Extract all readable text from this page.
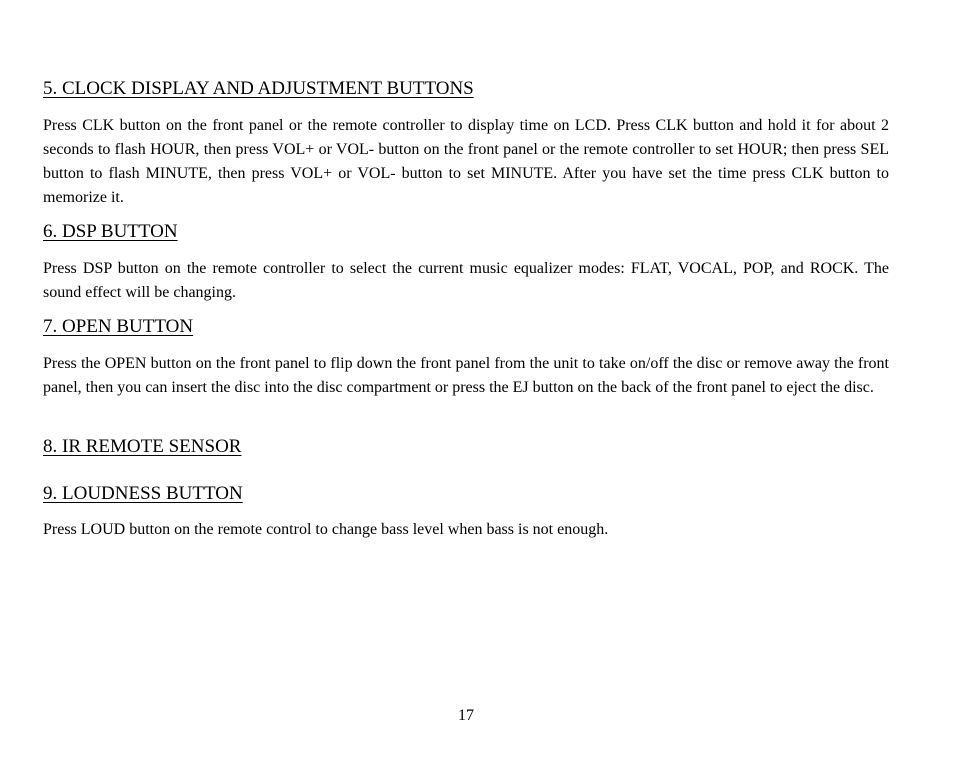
5. CLOCK DISPLAY AND ADJUSTMENT BUTTONS

Press CLK button on the front panel or the remote controller to display time on LCD. Press CLK button and hold it for about 2 seconds to flash HOUR, then press VOL+ or VOL- button on the front panel or the remote controller to set HOUR; then press SEL button to flash MINUTE, then press VOL+ or VOL- button to set MINUTE. After you have set the time press CLK button to memorize it.

6. DSP BUTTON

Press DSP button on the remote controller to select the current music equalizer modes: FLAT, VOCAL, POP, and ROCK. The sound effect will be changing.

7. OPEN BUTTON

Press the OPEN button on the front panel to flip down the front panel from the unit to take on/off the disc or remove away the front panel, then you can insert the disc into the disc compartment or press the EJ button on the back of the front panel to eject the disc.

8. IR REMOTE SENSOR
9. LOUDNESS BUTTON

Press LOUD button on the remote control to change bass level when bass is not enough.

17
